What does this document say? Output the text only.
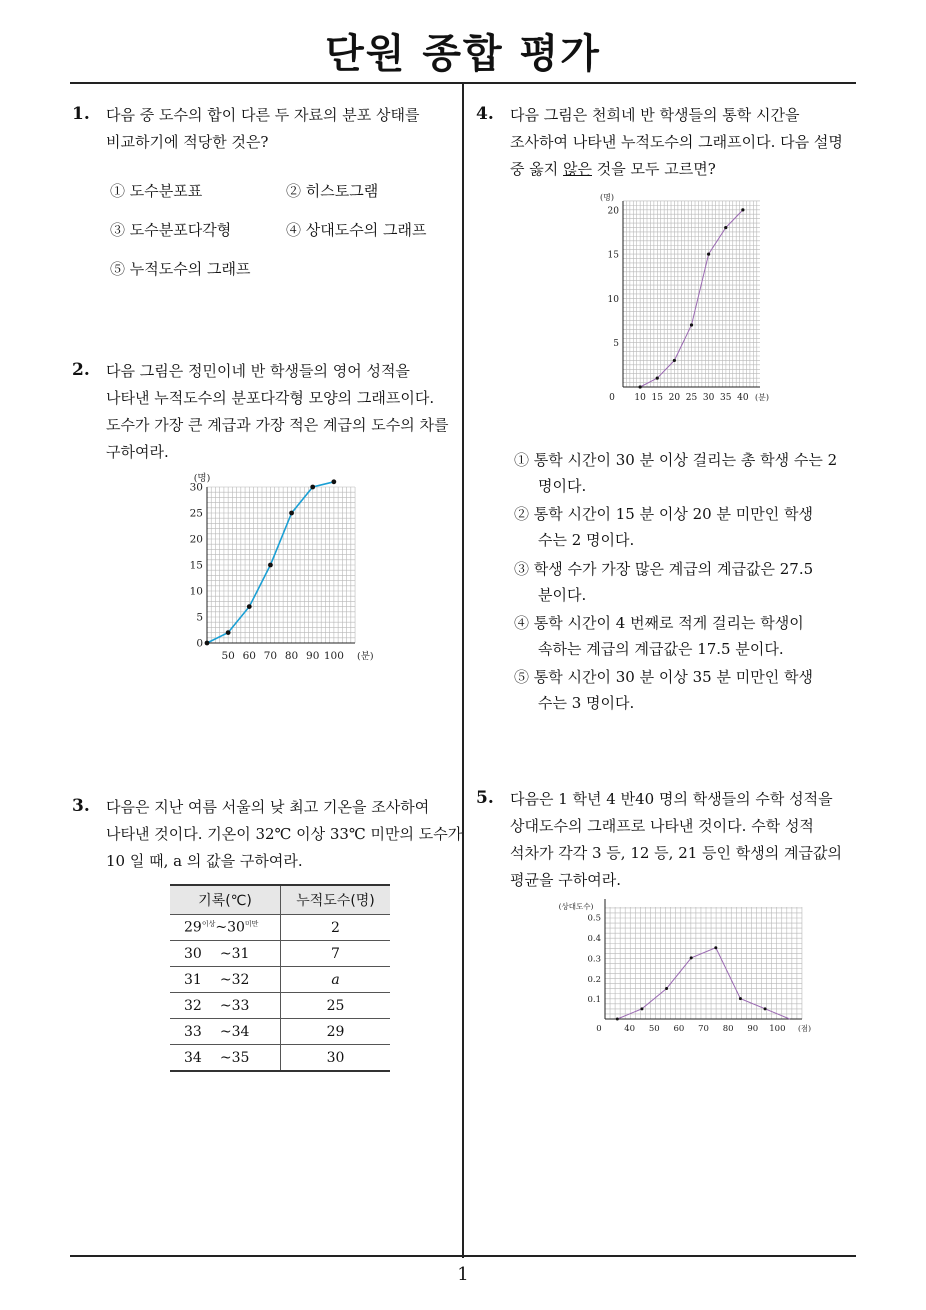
단원 종합 평가
1
1. 다음 중 도수의 합이 다른 두 자료의 분포 상태를
비교하기에 적당한 것은?
① 도수분포표	② 히스토그램
③ 도수분포다각형	④ 상대도수의 그래프
⑤ 누적도수의 그래프
2. 다음 그림은 정민이네 반 학생들의 영어 성적을
나타낸 누적도수의 분포다각형 모양의 그래프이다.
도수가 가장 큰 계급과 가장 적은 계급의 도수의 차를
구하여라.
50 60 70 80 90 100
0
5
10
15
20
25
30
(명)
(분)
3. 다음은 지난 여름 서울의 낮 최고 기온을 조사하여
나타낸 것이다. 기온이 32℃ 이상 33℃ 미만의 도수가
10 일 때, a 의 값을 구하여라.
기록(℃)	누적도수(명)
$29^{이상}\sim 30^{미만}$	2
30 ~31	7
31 ~32	a
32 ~33	25
33 ~34	29
34 ~35	30
4. 다음 그림은 천희네 반 학생들의 통학 시간을
조사하여 나타낸 누적도수의 그래프이다. 다음 설명
중 옳지 않은 것을 모두 고르면?
10 15 20 25 30 35 40
5
10
15
20
0
(명)
(분)
① 통학 시간이 30 분 이상 걸리는 총 학생 수는 2
명이다.
② 통학 시간이 15 분 이상 20 분 미만인 학생
수는 2 명이다.
③ 학생 수가 가장 많은 계급의 계급값은 27.5
분이다.
④ 통학 시간이 4 번째로 적게 걸리는 학생이
속하는 계급의 계급값은 17.5 분이다.
⑤ 통학 시간이 30 분 이상 35 분 미만인 학생
수는 3 명이다.
5. 다음은 1 학년 4 반40 명의 학생들의 수학 성적을
상대도수의 그래프로 나타낸 것이다. 수학 성적
석차가 각각 3 등, 12 등, 21 등인 학생의 계급값의
평균을 구하여라.
40 50 60 70 80 90 100
0.1
0.2
0.3
0.4
0.5
0
(상대도수)
(점)
